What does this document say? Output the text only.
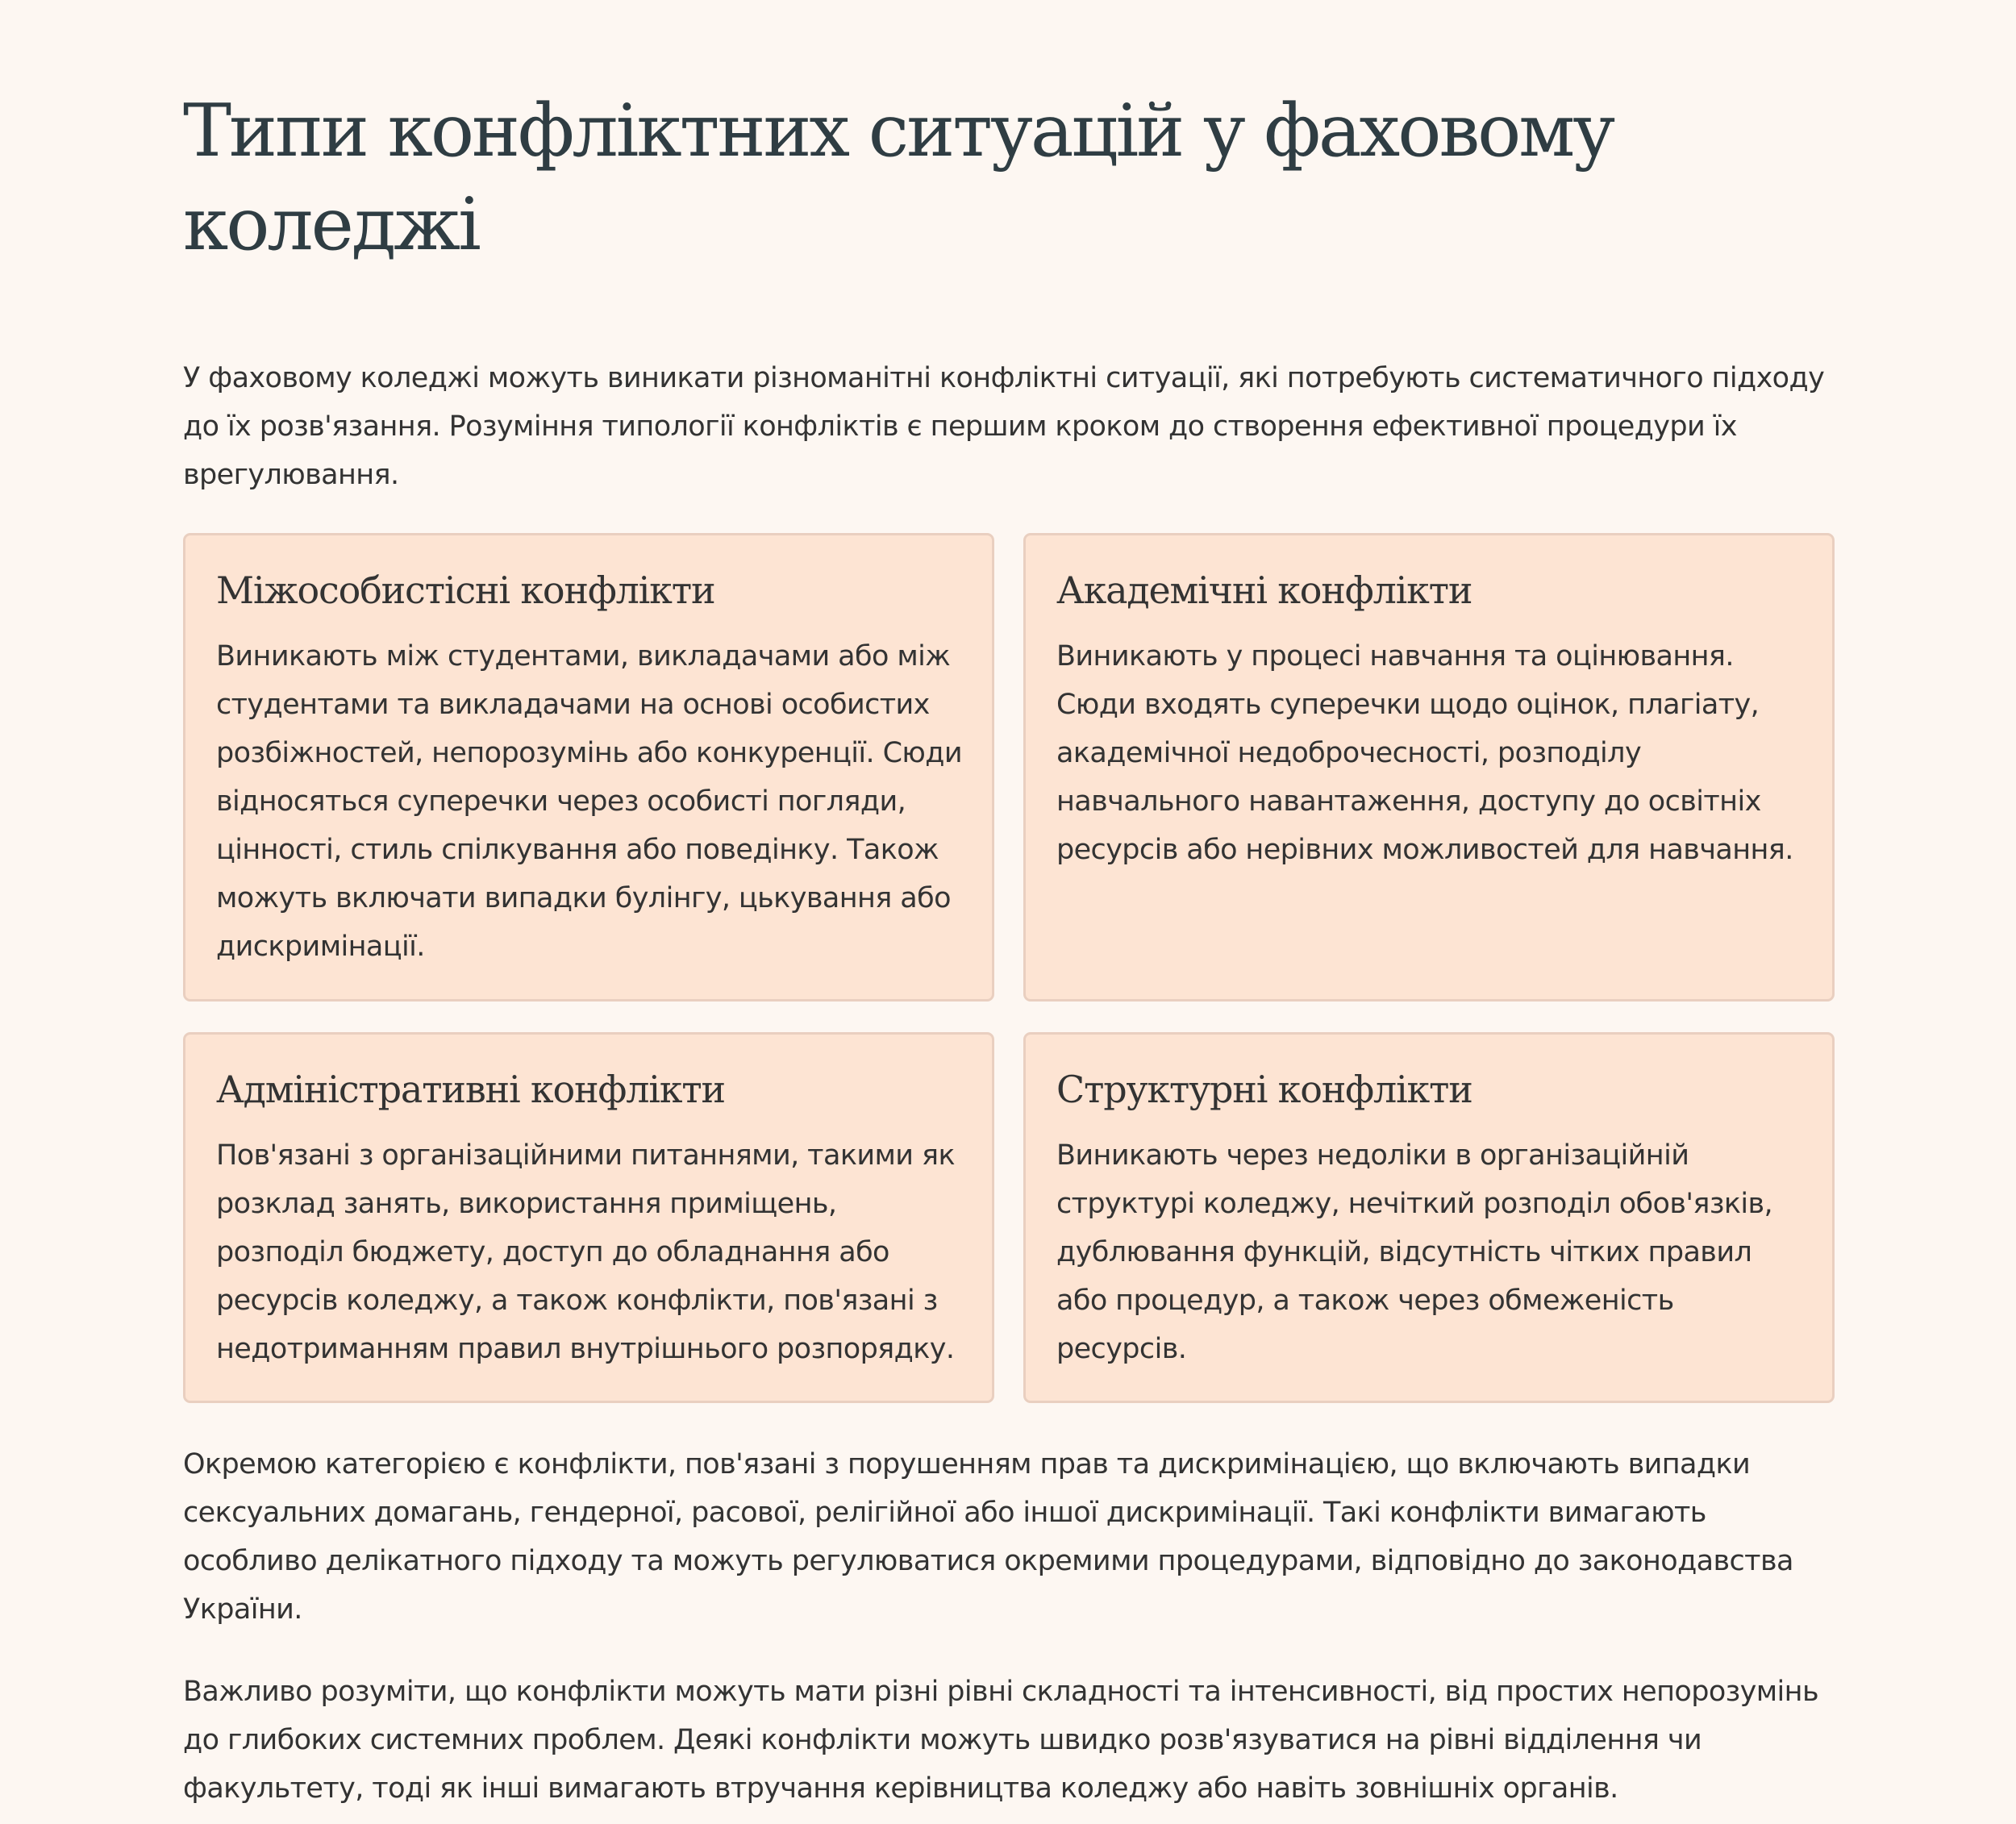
Типи конфліктних ситуацій у фаховому коледжі

У фаховому коледжі можуть виникати різноманітні конфліктні ситуації, які потребують систематичного підходу до їх розв'язання. Розуміння типології конфліктів є першим кроком до створення ефективної процедури їх врегулювання.

Міжособистісні конфлікти

Виникають між студентами, викладачами або між студентами та викладачами на основі особистих розбіжностей, непорозумінь або конкуренції. Сюди відносяться суперечки через особисті погляди, цінності, стиль спілкування або поведінку. Також можуть включати випадки булінгу, цькування або дискримінації.

Академічні конфлікти

Виникають у процесі навчання та оцінювання. Сюди входять суперечки щодо оцінок, плагіату, академічної недоброчесності, розподілу навчального навантаження, доступу до освітніх ресурсів або нерівних можливостей для навчання.

Адміністративні конфлікти

Пов'язані з організаційними питаннями, такими як розклад занять, використання приміщень, розподіл бюджету, доступ до обладнання або ресурсів коледжу, а також конфлікти, пов'язані з недотриманням правил внутрішнього розпорядку.

Структурні конфлікти

Виникають через недоліки в організаційній структурі коледжу, нечіткий розподіл обов'язків, дублювання функцій, відсутність чітких правил або процедур, а також через обмеженість ресурсів.

Окремою категорією є конфлікти, пов'язані з порушенням прав та дискримінацією, що включають випадки сексуальних домагань, гендерної, расової, релігійної або іншої дискримінації. Такі конфлікти вимагають особливо делікатного підходу та можуть регулюватися окремими процедурами, відповідно до законодавства України.

Важливо розуміти, що конфлікти можуть мати різні рівні складності та інтенсивності, від простих непорозумінь до глибоких системних проблем. Деякі конфлікти можуть швидко розв'язуватися на рівні відділення чи факультету, тоді як інші вимагають втручання керівництва коледжу або навіть зовнішніх органів.
